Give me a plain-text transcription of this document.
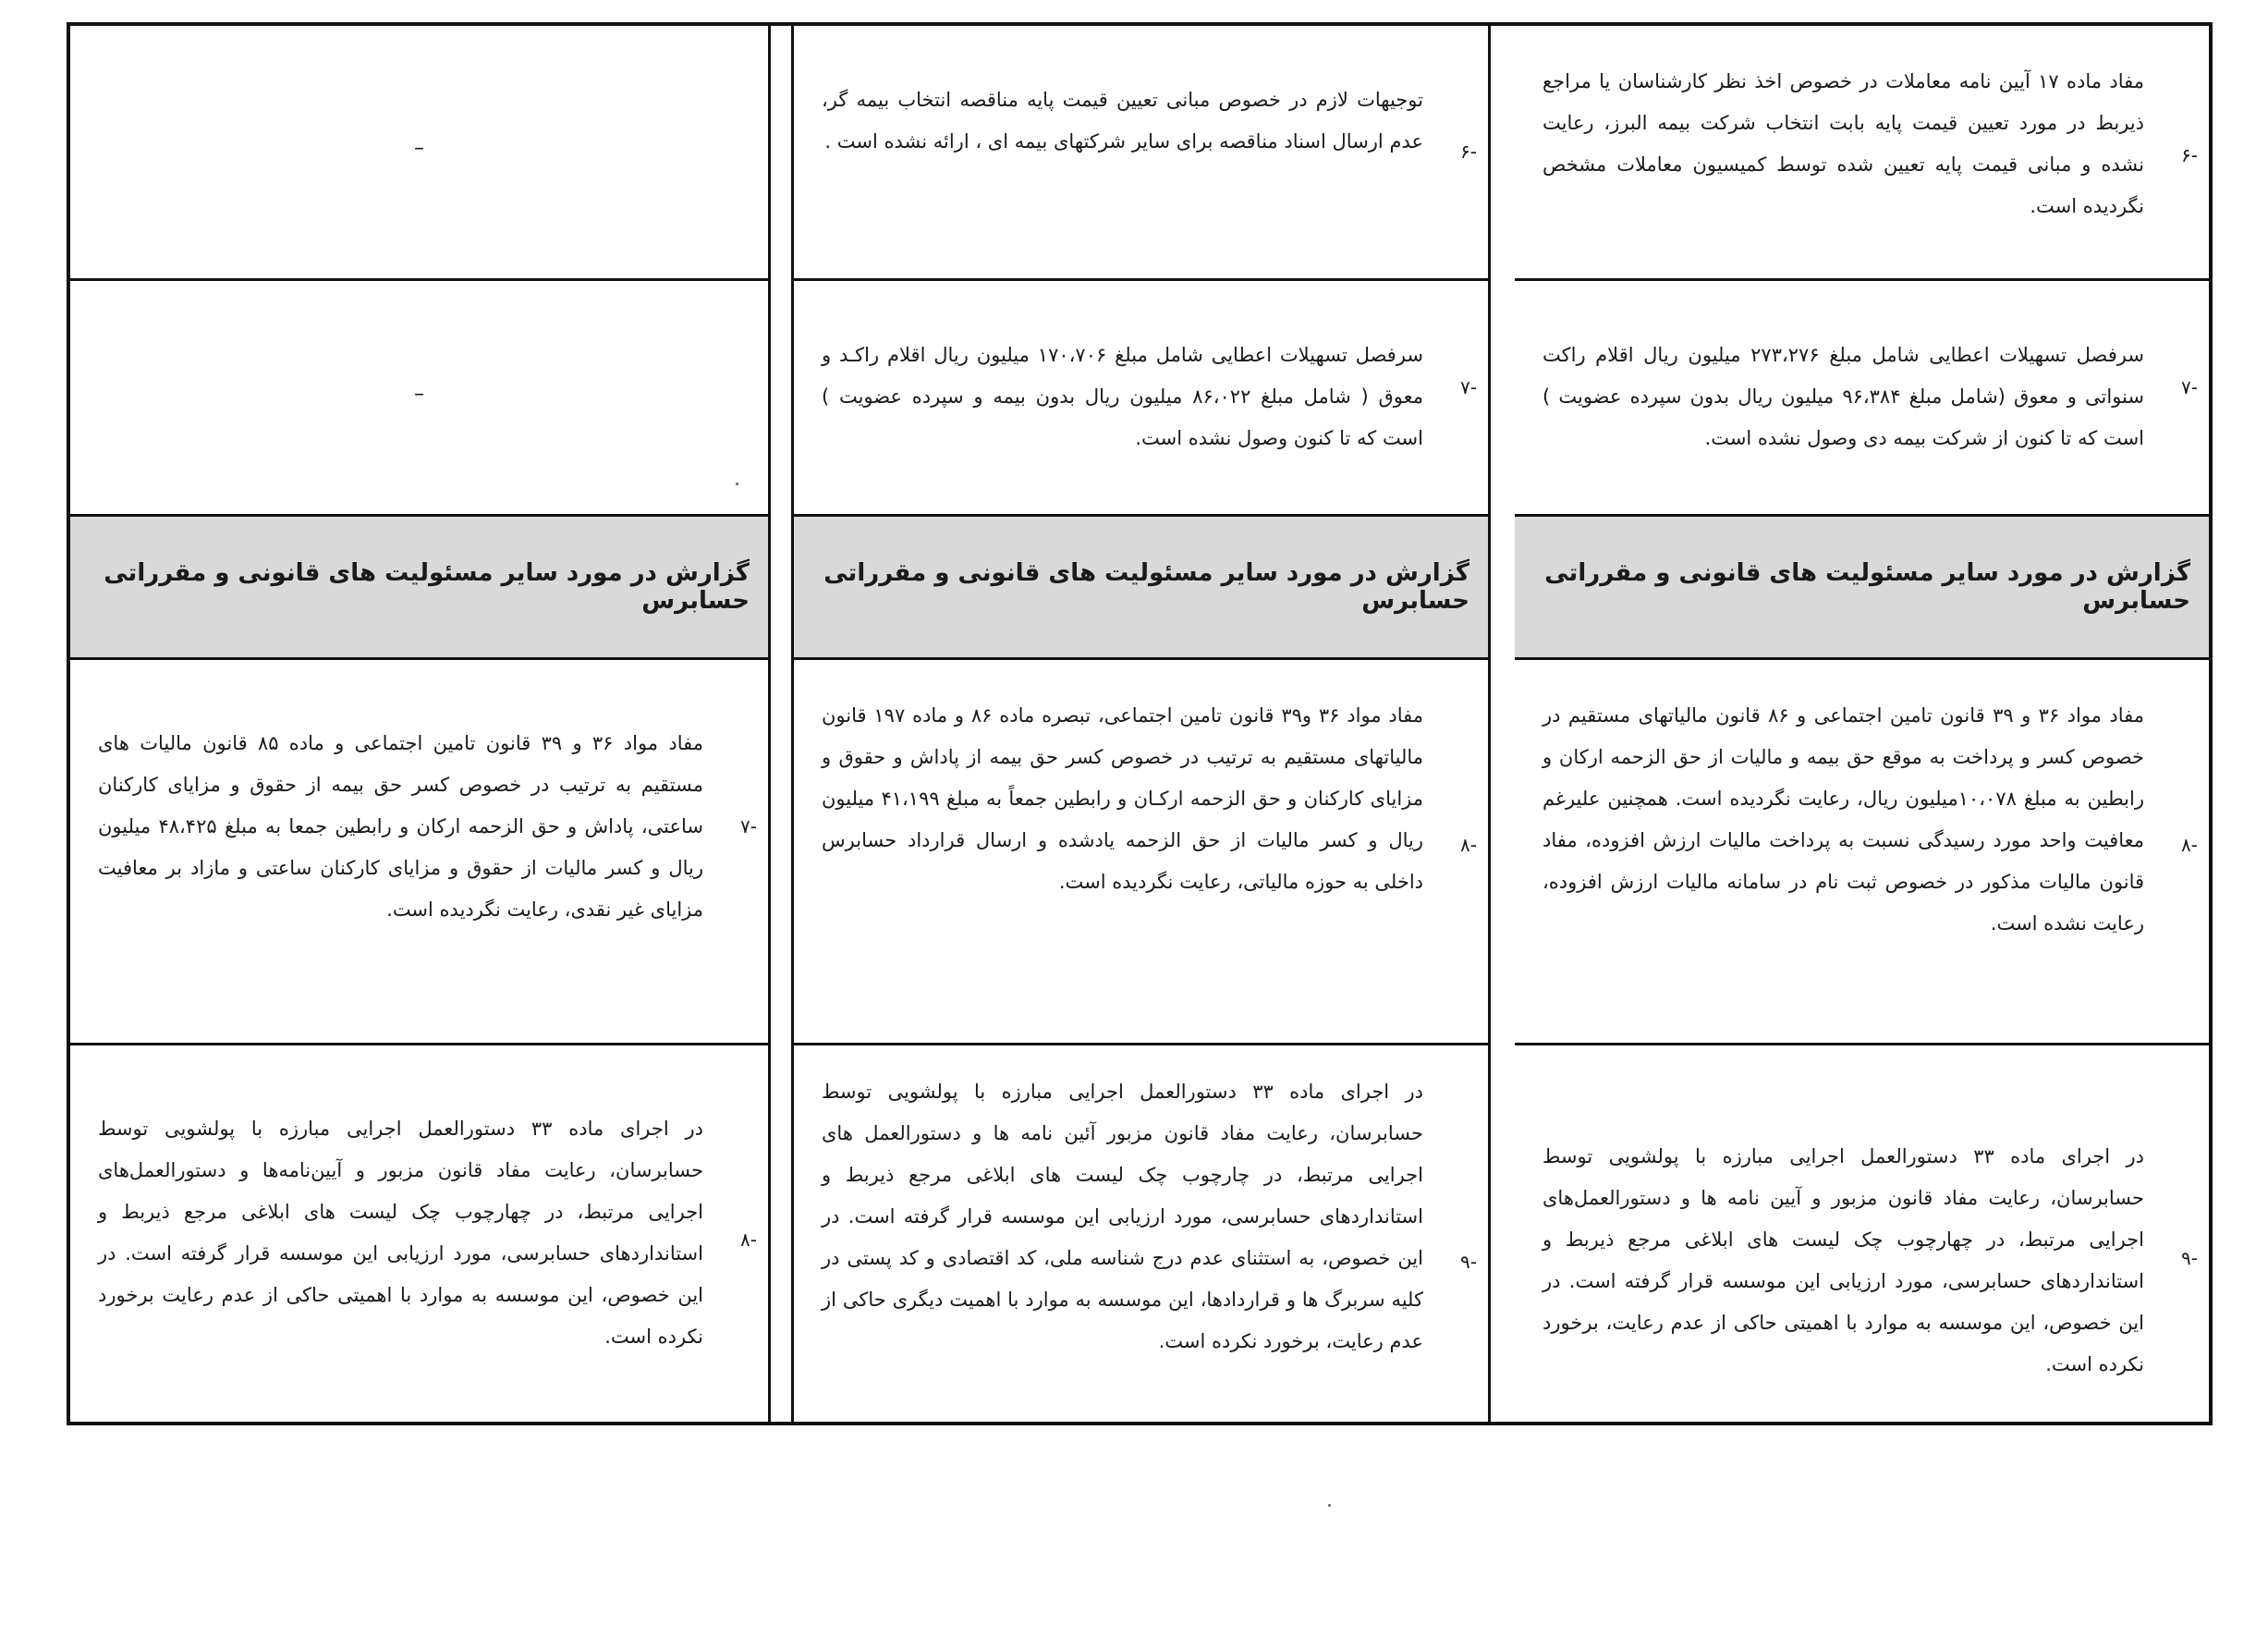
مفاد ماده ۱۷ آیین نامه معاملات در خصوص اخذ نظر کارشناسان یا مراجع ذیربط در مورد تعیین قیمت پایه بابت انتخاب شرکت بیمه البرز، رعایت نشده و مبانی قیمت پایه تعیین شده توسط کمیسیون معاملات مشخص نگردیده است.
۶-
سرفصل تسهیلات اعطایی شامل مبلغ ۲۷۳،۲۷۶ میلیون ریال اقلام راکت سنواتی و معوق (شامل مبلغ ۹۶،۳۸۴ میلیون ریال بدون سپرده عضویت ) است که تا کنون از شرکت بیمه دی وصول نشده است.
۷-
گزارش در مورد سایر مسئولیت های قانونی و مقرراتی حسابرس
مفاد مواد ۳۶ و ۳۹ قانون تامین اجتماعی و ۸۶ قانون مالیاتهای مستقیم در خصوص کسر و پرداخت به موقع حق بیمه و مالیات از حق الزحمه ارکان و رابطین به مبلغ ۱۰،۰۷۸میلیون ریال، رعایت نگردیده است. همچنین علیرغم معافیت واحد مورد رسیدگی نسبت به پرداخت مالیات ارزش افزوده، مفاد قانون مالیات مذکور در خصوص ثبت نام در سامانه مالیات ارزش افزوده، رعایت نشده است.
۸-
در اجرای ماده ۳۳ دستورالعمل اجرایی مبارزه با پولشویی توسط حسابرسان، رعایت مفاد قانون مزبور و آیین نامه ها و دستورالعمل‌های اجرایی مرتبط، در چهارچوب چک لیست های ابلاغی مرجع ذیربط و استانداردهای حسابرسی، مورد ارزیابی این موسسه قرار گرفته است. در این خصوص، این موسسه به موارد با اهمیتی حاکی از عدم رعایت، برخورد نکرده است.
۹-
توجیهات لازم در خصوص مبانی تعیین قیمت پایه مناقصه انتخاب بیمه گر، عدم ارسال اسناد مناقصه برای سایر شرکتهای بیمه ای ، ارائه نشده است . ۶-
سرفصل تسهیلات اعطایی شامل مبلغ ۱۷۰،۷۰۶ میلیون ریال اقلام راکـد و معوق ( شامل مبلغ ۸۶،۰۲۲ میلیون ریال بدون بیمه و سپرده عضویت ) است که تا کنون وصول نشده است.
۷-
گزارش در مورد سایر مسئولیت های قانونی و مقرراتی حسابرس
مفاد مواد ۳۶ و۳۹ قانون تامین اجتماعی، تبصره ماده ۸۶ و ماده ۱۹۷ قانون مالیاتهای مستقیم به ترتیب در خصوص کسر حق بیمه از پاداش و حقوق و مزایای کارکنان و حق الزحمه ارکـان و رابطین جمعاً به مبلغ ۴۱،۱۹۹ میلیون ریال و کسر مالیات از حق الزحمه یادشده و ارسال قرارداد حسابرس داخلی به حوزه مالیاتی، رعایت نگردیده است.
۸-
در اجرای ماده ۳۳ دستورالعمل اجرایی مبارزه با پولشویی توسط حسابرسان، رعایت مفاد قانون مزبور آئین نامه ها و دستورالعمل های اجرایی مرتبط، در چارچوب چک لیست های ابلاغی مرجع ذیربط و استانداردهای حسابرسی، مورد ارزیابی این موسسه قرار گرفته است. در این خصوص، به استثنای عدم درج شناسه ملی، کد اقتصادی و کد پستی در کلیه سربرگ ها و قراردادها، این موسسه به موارد با اهمیت دیگری حاکی از عدم رعایت، برخورد نکرده است.
۹-
–
–
گزارش در مورد سایر مسئولیت های قانونی و مقرراتی حسابرس
مفاد مواد ۳۶ و ۳۹ قانون تامین اجتماعی و ماده ۸۵ قانون مالیات های مستقیم به ترتیب در خصوص کسر حق بیمه از حقوق و مزایای کارکنان ساعتی، پاداش و حق الزحمه ارکان و رابطین جمعا به مبلغ ۴۸،۴۲۵ میلیون ریال و کسر مالیات از حقوق و مزایای کارکنان ساعتی و مازاد بر معافیت مزایای غیر نقدی، رعایت نگردیده است.
۷-
در اجرای ماده ۳۳ دستورالعمل اجرایی مبارزه با پولشویی توسط حسابرسان، رعایت مفاد قانون مزبور و آیین‌نامه‌ها و دستورالعمل‌های اجرایی مرتبط، در چهارچوب چک لیست های ابلاغی مرجع ذیربط و استانداردهای حسابرسی، مورد ارزیابی این موسسه قرار گرفته است. در این خصوص، این موسسه به موارد با اهمیتی حاکی از عدم رعایت برخورد نکرده است.
۸-
